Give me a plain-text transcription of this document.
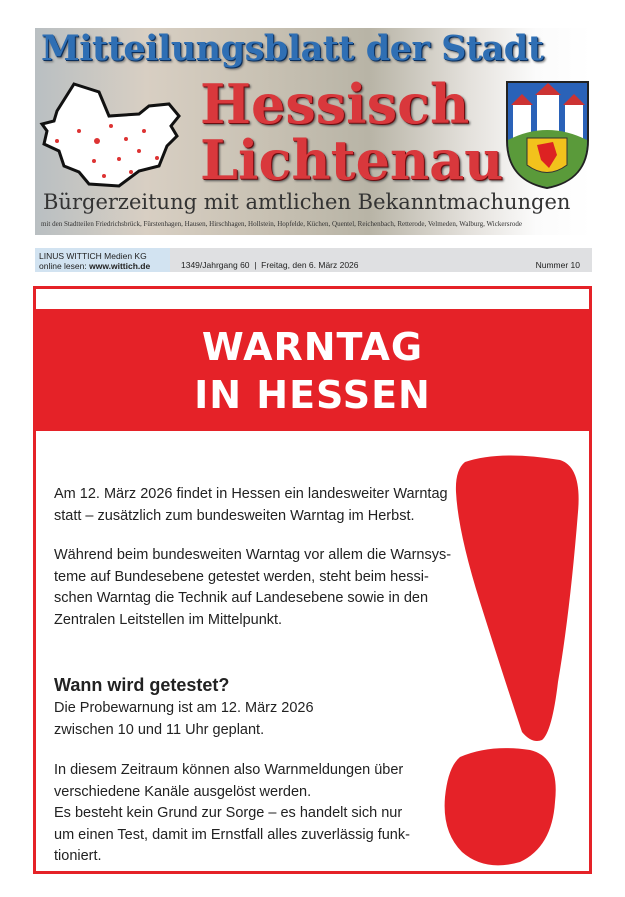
Mitteilungsblatt der Stadt
Hessisch
Lichtenau
Bürgerzeitung mit amtlichen Bekanntmachungen
mit den Stadtteilen Friedrichsbrück, Fürstenhagen, Hausen, Hirschhagen, Hollstein, Hopfelde, Küchen, Quentel, Reichenbach, Retterode, Velmeden, Walburg, Wickersrode
LINUS WITTICH Medien KG
online lesen: www.wittich.de	1349/Jahrgang 60  |  Freitag, den 6. März 2026	Nummer 10
WARNTAG
IN HESSEN
Am 12. März 2026 findet in Hessen ein landesweiter Warntag
statt – zusätzlich zum bundesweiten Warntag im Herbst.
Während beim bundesweiten Warntag vor allem die Warnsys-
teme auf Bundesebene getestet werden, steht beim hessi-
schen Warntag die Technik auf Landesebene sowie in den
Zentralen Leitstellen im Mittelpunkt.
Wann wird getestet?
Die Probewarnung ist am 12. März 2026
zwischen 10 und 11 Uhr geplant.
In diesem Zeitraum können also Warnmeldungen über
verschiedene Kanäle ausgelöst werden.
Es besteht kein Grund zur Sorge – es handelt sich nur
um einen Test, damit im Ernstfall alles zuverlässig funk-
tioniert.
